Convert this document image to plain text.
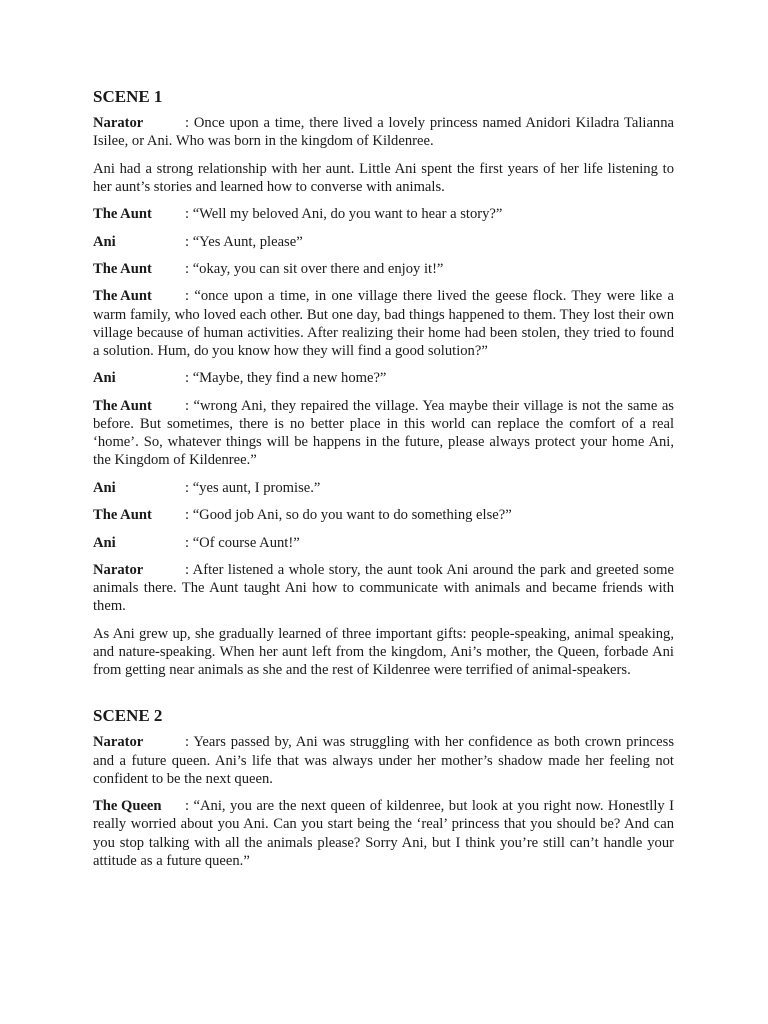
SCENE 1

Narator	: Once upon a time, there lived a lovely princess named Anidori Kiladra Talianna Isilee, or Ani. Who was born in the kingdom of Kildenree.

Ani had a strong relationship with her aunt. Little Ani spent the first years of her life listening to her aunt’s stories and learned how to converse with animals.

The Aunt : “Well my beloved Ani, do you want to hear a story?”

Ani	: “Yes Aunt, please”

The Aunt : “okay, you can sit over there and enjoy it!”

The Aunt : “once upon a time, in one village there lived the geese flock. They were like a warm family, who loved each other. But one day, bad things happened to them. They lost their own village because of human activities. After realizing their home had been stolen, they tried to found a solution. Hum, do you know how they will find a good solution?”

Ani	: “Maybe, they find a new home?”

The Aunt : “wrong Ani, they repaired the village. Yea maybe their village is not the same as before. But sometimes, there is no better place in this world can replace the comfort of a real ‘home’. So, whatever things will be happens in the future, please always protect your home Ani, the Kingdom of Kildenree.”

Ani	: “yes aunt, I promise.”

The Aunt : “Good job Ani, so do you want to do something else?”

Ani	: “Of course Aunt!”

Narator	: After listened a whole story, the aunt took Ani around the park and greeted some animals there. The Aunt taught Ani how to communicate with animals and became friends with them.

As Ani grew up, she gradually learned of three important gifts: people-speaking, animal speaking, and nature-speaking. When her aunt left from the kingdom, Ani’s mother, the Queen, forbade Ani from getting near animals as she and the rest of Kildenree were terrified of animal-speakers.

SCENE 2

Narator	: Years passed by, Ani was struggling with her confidence as both crown princess and a future queen. Ani’s life that was always under her mother’s shadow made her feeling not confident to be the next queen.

The Queen : “Ani, you are the next queen of kildenree, but look at you right now. Honestlly I really worried about you Ani. Can you start being the ‘real’ princess that you should be? And can you stop talking with all the animals please? Sorry Ani, but I think you’re still can’t handle your attitude as a future queen.”
